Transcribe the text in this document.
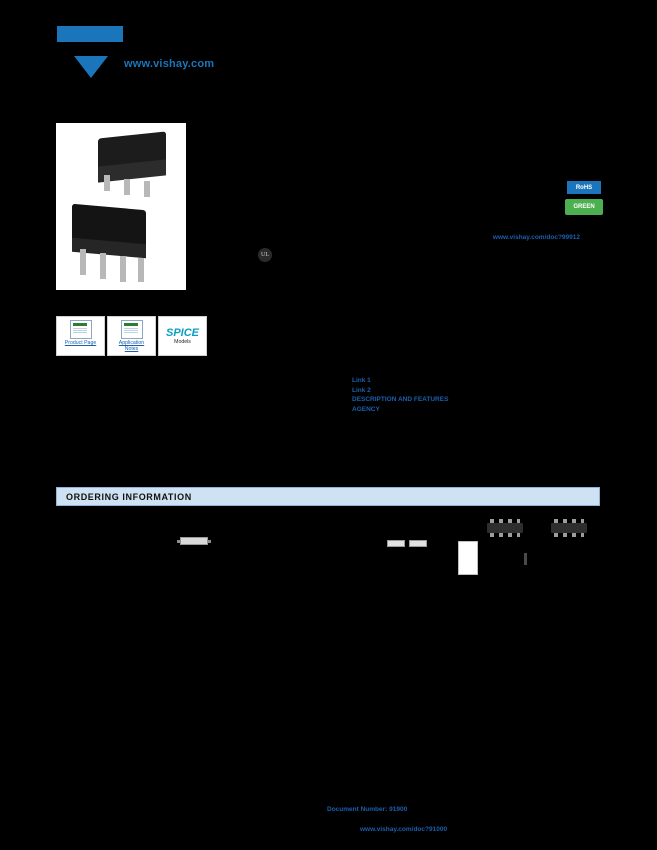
www.vishay.com
Product Page	Application
Notes
SPICE
Models
RoHS
GREEN
www.vishay.com/doc?99912
UL
Link 1
Link 2
DESCRIPTION AND FEATURES
AGENCY
ORDERING INFORMATION
Document Number: 91900
www.vishay.com/doc?91000
